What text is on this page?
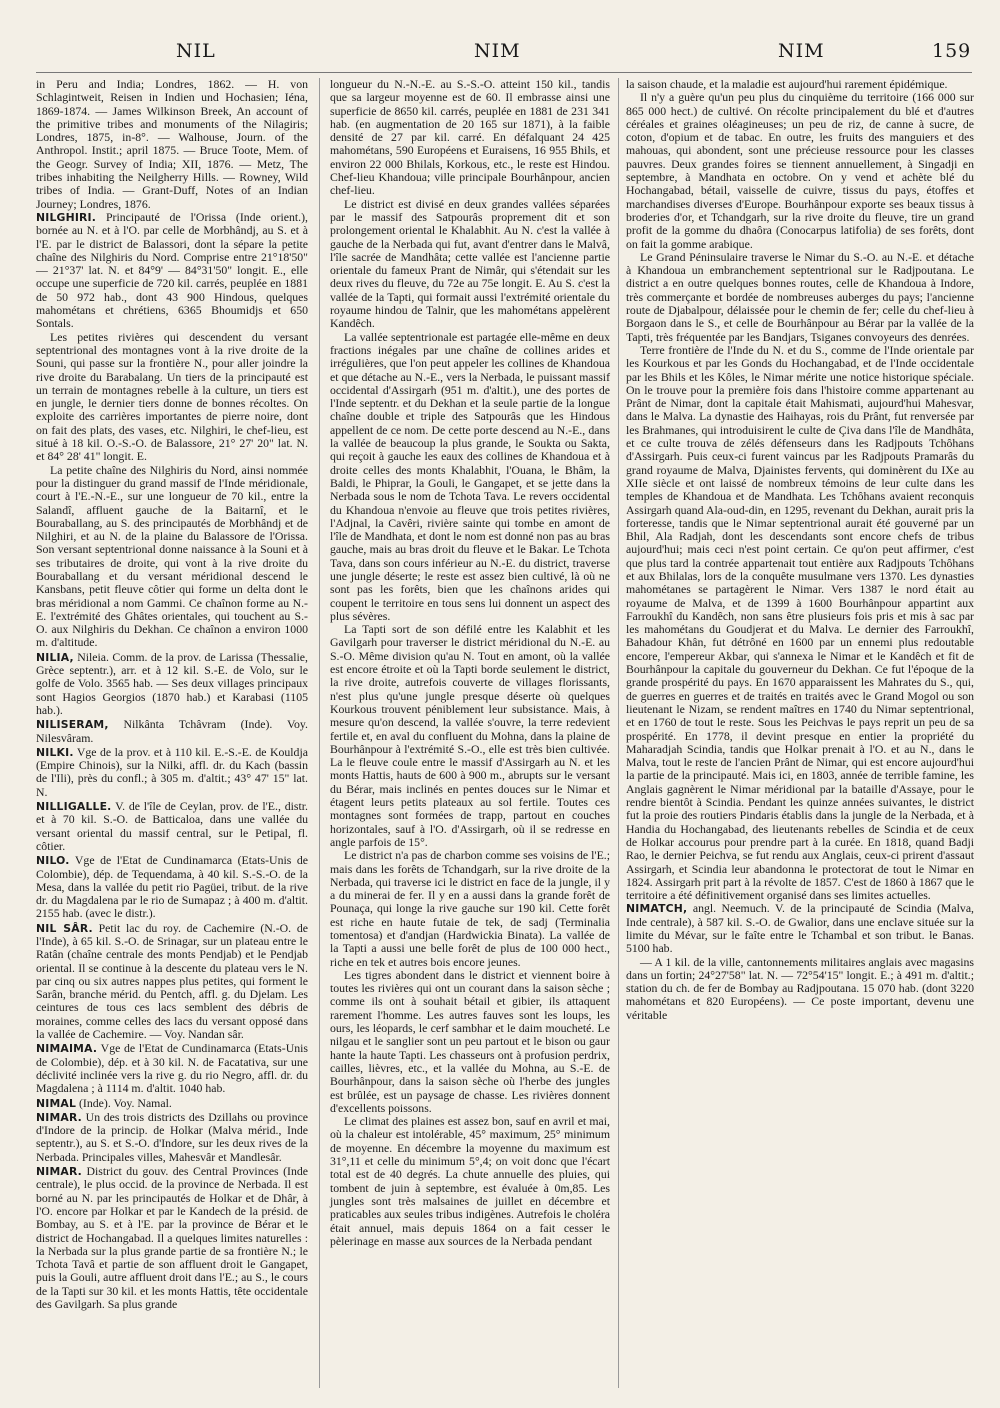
NIL	NIM	NIM	159

in Peru and India; Londres, 1862. — H. von Schlagintweit, Reisen in Indien und Hochasien; Iéna, 1869-1874. — James Wilkinson Breek, An account of the primitive tribes and monuments of the Nilagiris; Londres, 1875, in-8°. — Walhouse, Journ. of the Anthropol. Instit.; april 1875. — Bruce Toote, Mem. of the Geogr. Survey of India; XII, 1876. — Metz, The tribes inhabiting the Neilgherry Hills. — Rowney, Wild tribes of India. — Grant-Duff, Notes of an Indian Journey; Londres, 1876.

NILGHIRI. Principauté de l'Orissa (Inde orient.), bornée au N. et à l'O. par celle de Morbhândj, au S. et à l'E. par le district de Balassori, dont la sépare la petite chaîne des Nilghiris du Nord. Comprise entre 21°18'50" — 21°37' lat. N. et 84°9' — 84°31'50" longit. E., elle occupe une superficie de 720 kil. carrés, peuplée en 1881 de 50 972 hab., dont 43 900 Hindous, quelques mahométans et chrétiens, 6365 Bhoumidjs et 650 Sontals.

Les petites rivières qui descendent du versant septentrional des montagnes vont à la rive droite de la Souni, qui passe sur la frontière N., pour aller joindre la rive droite du Barabalang. Un tiers de la principauté est un terrain de montagnes rebelle à la culture, un tiers est en jungle, le dernier tiers donne de bonnes récoltes. On exploite des carrières importantes de pierre noire, dont on fait des plats, des vases, etc. Nilghiri, le chef-lieu, est situé à 18 kil. O.-S.-O. de Balassore, 21° 27' 20" lat. N. et 84° 28' 41" longit. E.

La petite chaîne des Nilghiris du Nord, ainsi nommée pour la distinguer du grand massif de l'Inde méridionale, court à l'E.-N.-E., sur une longueur de 70 kil., entre la Salandî, affluent gauche de la Baitarnî, et le Bouraballang, au S. des principautés de Morbhândj et de Nilghiri, et au N. de la plaine du Balassore de l'Orissa. Son versant septentrional donne naissance à la Souni et à ses tributaires de droite, qui vont à la rive droite du Bouraballang et du versant méridional descend le Kansbans, petit fleuve côtier qui forme un delta dont le bras méridional a nom Gammi. Ce chaînon forme au N.-E. l'extrémité des Ghâtes orientales, qui touchent au S.-O. aux Nilghiris du Dekhan. Ce chaînon a environ 1000 m. d'altitude.

NILIA, Nileia. Comm. de la prov. de Larissa (Thessalie, Grèce septentr.), arr. et à 12 kil. S.-E. de Volo, sur le golfe de Volo. 3565 hab. — Ses deux villages principaux sont Hagios Georgios (1870 hab.) et Karabasi (1105 hab.).

NILISERAM, Nilkânta Tchâvram (Inde). Voy. Nilesvâram.

NILKI. Vge de la prov. et à 110 kil. E.-S.-E. de Kouldja (Empire Chinois), sur la Nilki, affl. dr. du Kach (bassin de l'Ili), près du confl.; à 305 m. d'altit.; 43° 47' 15" lat. N.

NILLIGALLE. V. de l'île de Ceylan, prov. de l'E., distr. et à 70 kil. S.-O. de Batticaloa, dans une vallée du versant oriental du massif central, sur le Petipal, fl. côtier.

NILO. Vge de l'Etat de Cundinamarca (Etats-Unis de Colombie), dép. de Tequendama, à 40 kil. S.-S.-O. de la Mesa, dans la vallée du petit rio Pagüei, tribut. de la rive dr. du Magdalena par le rio de Sumapaz ; à 400 m. d'altit. 2155 hab. (avec le distr.).

NIL SÂR. Petit lac du roy. de Cachemire (N.-O. de l'Inde), à 65 kil. S.-O. de Srinagar, sur un plateau entre le Ratân (chaîne centrale des monts Pendjab) et le Pendjab oriental. Il se continue à la descente du plateau vers le N. par cinq ou six autres nappes plus petites, qui forment le Sarân, branche mérid. du Pentch, affl. g. du Djelam. Les ceintures de tous ces lacs semblent des débris de moraines, comme celles des lacs du versant opposé dans la vallée de Cachemire. — Voy. Nandan sâr.

NIMAIMA. Vge de l'Etat de Cundinamarca (Etats-Unis de Colombie), dép. et à 30 kil. N. de Facatativa, sur une déclivité inclinée vers la rive g. du rio Negro, affl. dr. du Magdalena ; à 1114 m. d'altit. 1040 hab.

NIMAL (Inde). Voy. Namal.

NIMAR. Un des trois districts des Dzillahs ou province d'Indore de la princip. de Holkar (Malva mérid., Inde septentr.), au S. et S.-O. d'Indore, sur les deux rives de la Nerbada. Principales villes, Mahesvâr et Mandlesâr.

NIMAR. District du gouv. des Central Provinces (Inde centrale), le plus occid. de la province de Nerbada. Il est borné au N. par les principautés de Holkar et de Dhâr, à l'O. encore par Holkar et par le Kandech de la présid. de Bombay, au S. et à l'E. par la province de Bérar et le district de Hochangabad. Il a quelques limites naturelles : la Nerbada sur la plus grande partie de sa frontière N.; le Tchota Tavâ et partie de son affluent droit le Gangapet, puis la Gouli, autre affluent droit dans l'E.; au S., le cours de la Tapti sur 30 kil. et les monts Hattis, tête occidentale des Gavilgarh. Sa plus grande

longueur du N.-N.-E. au S.-S.-O. atteint 150 kil., tandis que sa largeur moyenne est de 60. Il embrasse ainsi une superficie de 8650 kil. carrés, peuplée en 1881 de 231 341 hab. (en augmentation de 20 165 sur 1871), à la faible densité de 27 par kil. carré. En défalquant 24 425 mahométans, 590 Européens et Euraisens, 16 955 Bhils, et environ 22 000 Bhilals, Korkous, etc., le reste est Hindou. Chef-lieu Khandoua; ville principale Bourhânpour, ancien chef-lieu.

Le district est divisé en deux grandes vallées séparées par le massif des Satpourâs proprement dit et son prolongement oriental le Khalabhit. Au N. c'est la vallée à gauche de la Nerbada qui fut, avant d'entrer dans le Malvâ, l'île sacrée de Mandhâta; cette vallée est l'ancienne partie orientale du fameux Prant de Nimâr, qui s'étendait sur les deux rives du fleuve, du 72e au 75e longit. E. Au S. c'est la vallée de la Tapti, qui formait aussi l'extrémité orientale du royaume hindou de Talnir, que les mahométans appelèrent Kandêch.

La vallée septentrionale est partagée elle-même en deux fractions inégales par une chaîne de collines arides et irrégulières, que l'on peut appeler les collines de Khandoua et que détache au N.-E., vers la Nerbada, le puissant massif occidental d'Assirgarh (951 m. d'altit.), une des portes de l'Inde septentr. et du Dekhan et la seule partie de la longue chaîne double et triple des Satpourâs que les Hindous appellent de ce nom. De cette porte descend au N.-E., dans la vallée de beaucoup la plus grande, le Soukta ou Sakta, qui reçoit à gauche les eaux des collines de Khandoua et à droite celles des monts Khalabhit, l'Ouana, le Bhâm, la Baldi, le Phiprar, la Gouli, le Gangapet, et se jette dans la Nerbada sous le nom de Tchota Tava. Le revers occidental du Khandoua n'envoie au fleuve que trois petites rivières, l'Adjnal, la Cavêri, rivière sainte qui tombe en amont de l'île de Mandhata, et dont le nom est donné non pas au bras gauche, mais au bras droit du fleuve et le Bakar. Le Tchota Tava, dans son cours inférieur au N.-E. du district, traverse une jungle déserte; le reste est assez bien cultivé, là où ne sont pas les forêts, bien que les chaînons arides qui coupent le territoire en tous sens lui donnent un aspect des plus sévères.

La Tapti sort de son défilé entre les Kalabhit et les Gavilgarh pour traverser le district méridional du N.-E. au S.-O. Même division qu'au N. Tout en amont, où la vallée est encore étroite et où la Tapti borde seulement le district, la rive droite, autrefois couverte de villages florissants, n'est plus qu'une jungle presque déserte où quelques Kourkous trouvent péniblement leur subsistance. Mais, à mesure qu'on descend, la vallée s'ouvre, la terre redevient fertile et, en aval du confluent du Mohna, dans la plaine de Bourhânpour à l'extrémité S.-O., elle est très bien cultivée. La le fleuve coule entre le massif d'Assirgarh au N. et les monts Hattis, hauts de 600 à 900 m., abrupts sur le versant du Bérar, mais inclinés en pentes douces sur le Nimar et étagent leurs petits plateaux au sol fertile. Toutes ces montagnes sont formées de trapp, partout en couches horizontales, sauf à l'O. d'Assirgarh, où il se redresse en angle parfois de 15°.

Le district n'a pas de charbon comme ses voisins de l'E.; mais dans les forêts de Tchandgarh, sur la rive droite de la Nerbada, qui traverse ici le district en face de la jungle, il y a du minerai de fer. Il y en a aussi dans la grande forêt de Pounaça, qui longe la rive gauche sur 190 kil. Cette forêt est riche en haute futaie de tek, de sadj (Terminalia tomentosa) et d'andjan (Hardwickia Binata). La vallée de la Tapti a aussi une belle forêt de plus de 100 000 hect., riche en tek et autres bois encore jeunes.

Les tigres abondent dans le district et viennent boire à toutes les rivières qui ont un courant dans la saison sèche ; comme ils ont à souhait bétail et gibier, ils attaquent rarement l'homme. Les autres fauves sont les loups, les ours, les léopards, le cerf sambhar et le daim moucheté. Le nilgau et le sanglier sont un peu partout et le bison ou gaur hante la haute Tapti. Les chasseurs ont à profusion perdrix, cailles, lièvres, etc., et la vallée du Mohna, au S.-E. de Bourhânpour, dans la saison sèche où l'herbe des jungles est brûlée, est un paysage de chasse. Les rivières donnent d'excellents poissons.

Le climat des plaines est assez bon, sauf en avril et mai, où la chaleur est intolérable, 45° maximum, 25° minimum de moyenne. En décembre la moyenne du maximum est 31°,11 et celle du minimum 5°,4; on voit donc que l'écart total est de 40 degrés. La chute annuelle des pluies, qui tombent de juin à septembre, est évaluée à 0m,85. Les jungles sont très malsaines de juillet en décembre et praticables aux seules tribus indigènes. Autrefois le choléra était annuel, mais depuis 1864 on a fait cesser le pèlerinage en masse aux sources de la Nerbada pendant

la saison chaude, et la maladie est aujourd'hui rarement épidémique.

Il n'y a guère qu'un peu plus du cinquième du territoire (166 000 sur 865 000 hect.) de cultivé. On récolte principalement du blé et d'autres céréales et graines oléagineuses; un peu de riz, de canne à sucre, de coton, d'opium et de tabac. En outre, les fruits des manguiers et des mahouas, qui abondent, sont une précieuse ressource pour les classes pauvres. Deux grandes foires se tiennent annuellement, à Singadji en septembre, à Mandhata en octobre. On y vend et achète blé du Hochangabad, bétail, vaisselle de cuivre, tissus du pays, étoffes et marchandises diverses d'Europe. Bourhânpour exporte ses beaux tissus à broderies d'or, et Tchandgarh, sur la rive droite du fleuve, tire un grand profit de la gomme du dhaôra (Conocarpus latifolia) de ses forêts, dont on fait la gomme arabique.

Le Grand Péninsulaire traverse le Nimar du S.-O. au N.-E. et détache à Khandoua un embranchement septentrional sur le Radjpoutana. Le district a en outre quelques bonnes routes, celle de Khandoua à Indore, très commerçante et bordée de nombreuses auberges du pays; l'ancienne route de Djabalpour, délaissée pour le chemin de fer; celle du chef-lieu à Borgaon dans le S., et celle de Bourhânpour au Bérar par la vallée de la Tapti, très fréquentée par les Bandjars, Tsiganes convoyeurs des denrées.

Terre frontière de l'Inde du N. et du S., comme de l'Inde orientale par les Kourkous et par les Gonds du Hochangabad, et de l'Inde occidentale par les Bhils et les Kôles, le Nimar mérite une notice historique spéciale. On le trouve pour la première fois dans l'histoire comme appartenant au Prânt de Nimar, dont la capitale était Mahismati, aujourd'hui Mahesvar, dans le Malva. La dynastie des Haihayas, rois du Prânt, fut renversée par les Brahmanes, qui introduisirent le culte de Çiva dans l'île de Mandhâta, et ce culte trouva de zélés défenseurs dans les Radjpouts Tchôhans d'Assirgarh. Puis ceux-ci furent vaincus par les Radjpouts Pramarâs du grand royaume de Malva, Djainistes fervents, qui dominèrent du IXe au XIIe siècle et ont laissé de nombreux témoins de leur culte dans les temples de Khandoua et de Mandhata. Les Tchôhans avaient reconquis Assirgarh quand Ala-oud-din, en 1295, revenant du Dekhan, aurait pris la forteresse, tandis que le Nimar septentrional aurait été gouverné par un Bhil, Ala Radjah, dont les descendants sont encore chefs de tribus aujourd'hui; mais ceci n'est point certain. Ce qu'on peut affirmer, c'est que plus tard la contrée appartenait tout entière aux Radjpouts Tchôhans et aux Bhilalas, lors de la conquête musulmane vers 1370. Les dynasties mahométanes se partagèrent le Nimar. Vers 1387 le nord était au royaume de Malva, et de 1399 à 1600 Bourhânpour appartint aux Farroukhî du Kandêch, non sans être plusieurs fois pris et mis à sac par les mahométans du Goudjerat et du Malva. Le dernier des Farroukhî, Bahadour Khân, fut détrôné en 1600 par un ennemi plus redoutable encore, l'empereur Akbar, qui s'annexa le Nimar et le Kandêch et fit de Bourhânpour la capitale du gouverneur du Dekhan. Ce fut l'époque de la grande prospérité du pays. En 1670 apparaissent les Mahrates du S., qui, de guerres en guerres et de traités en traités avec le Grand Mogol ou son lieutenant le Nizam, se rendent maîtres en 1740 du Nimar septentrional, et en 1760 de tout le reste. Sous les Peichvas le pays reprit un peu de sa prospérité. En 1778, il devint presque en entier la propriété du Maharadjah Scindia, tandis que Holkar prenait à l'O. et au N., dans le Malva, tout le reste de l'ancien Prânt de Nimar, qui est encore aujourd'hui la partie de la principauté. Mais ici, en 1803, année de terrible famine, les Anglais gagnèrent le Nimar méridional par la bataille d'Assaye, pour le rendre bientôt à Scindia. Pendant les quinze années suivantes, le district fut la proie des routiers Pindaris établis dans la jungle de la Nerbada, et à Handia du Hochangabad, des lieutenants rebelles de Scindia et de ceux de Holkar accourus pour prendre part à la curée. En 1818, quand Badji Rao, le dernier Peichva, se fut rendu aux Anglais, ceux-ci prirent d'assaut Assirgarh, et Scindia leur abandonna le protectorat de tout le Nimar en 1824. Assirgarh prit part à la révolte de 1857. C'est de 1860 à 1867 que le territoire a été définitivement organisé dans ses limites actuelles.

NIMATCH, angl. Neemuch. V. de la principauté de Scindia (Malva, Inde centrale), à 587 kil. S.-O. de Gwalior, dans une enclave située sur la limite du Mévar, sur le faîte entre le Tchambal et son tribut. le Banas. 5100 hab.

— A 1 kil. de la ville, cantonnements militaires anglais avec magasins dans un fortin; 24°27'58" lat. N. — 72°54'15" longit. E.; à 491 m. d'altit.; station du ch. de fer de Bombay au Radjpoutana. 15 070 hab. (dont 3220 mahométans et 820 Européens). — Ce poste important, devenu une véritable
